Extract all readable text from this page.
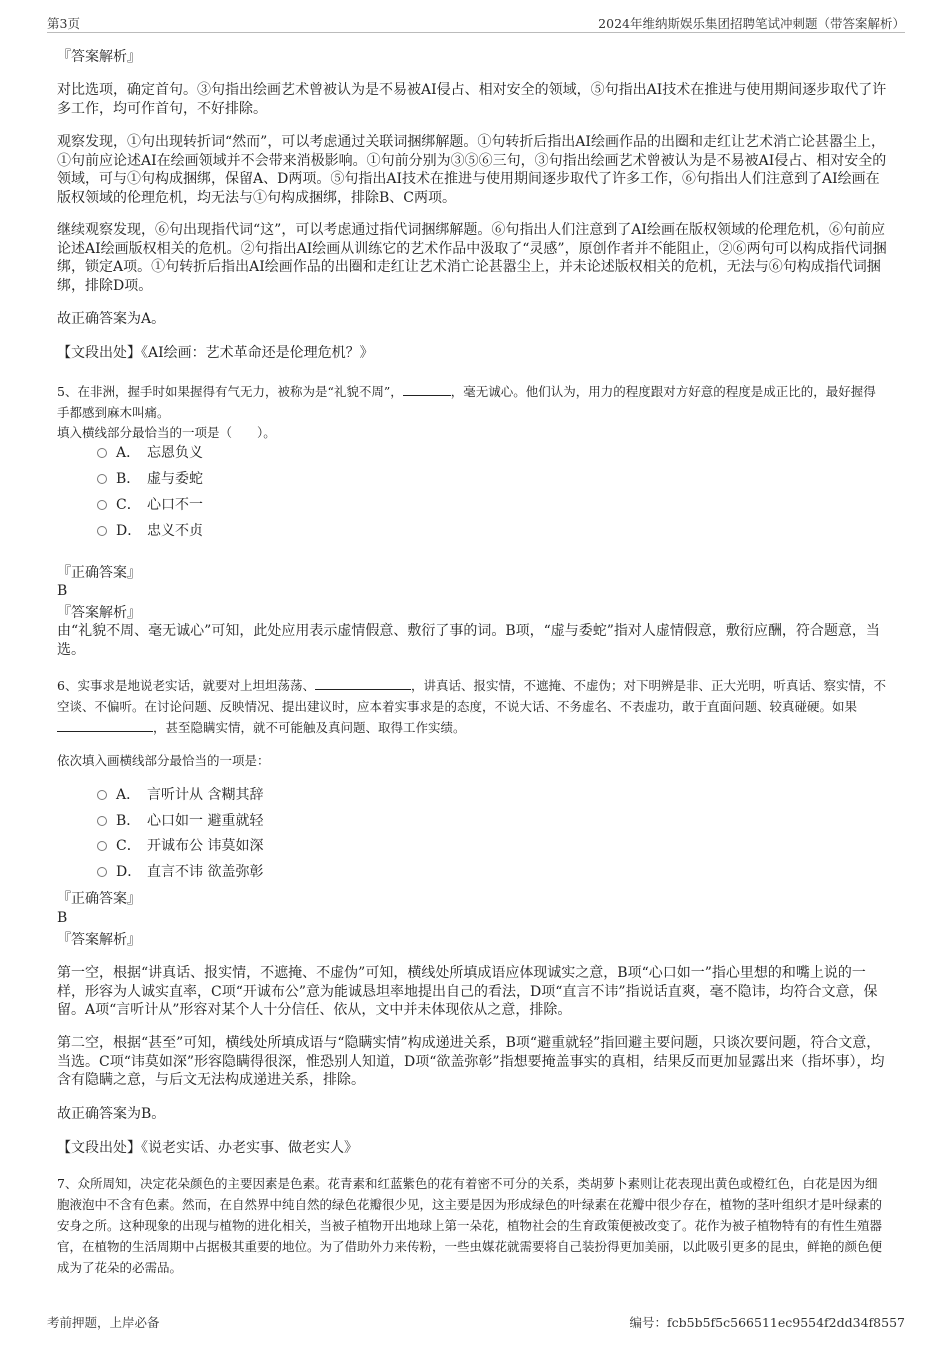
第3页	2024年维纳斯娱乐集团招聘笔试冲刺题（带答案解析）
『答案解析』

对比选项，确定首句。③句指出绘画艺术曾被认为是不易被AI侵占、相对安全的领域，⑤句指出AI技术在推进与使用期间逐步取代了许多工作，均可作首句，不好排除。

观察发现，①句出现转折词“然而”，可以考虑通过关联词捆绑解题。①句转折后指出AI绘画作品的出圈和走红让艺术消亡论甚嚣尘上，①句前应论述AI在绘画领域并不会带来消极影响。①句前分别为③⑤⑥三句，③句指出绘画艺术曾被认为是不易被AI侵占、相对安全的领域，可与①句构成捆绑，保留A、D两项。⑤句指出AI技术在推进与使用期间逐步取代了许多工作，⑥句指出人们注意到了AI绘画在版权领域的伦理危机，均无法与①句构成捆绑，排除B、C两项。

继续观察发现，⑥句出现指代词“这”，可以考虑通过指代词捆绑解题。⑥句指出人们注意到了AI绘画在版权领域的伦理危机，⑥句前应论述AI绘画版权相关的危机。②句指出AI绘画从训练它的艺术作品中汲取了“灵感”，原创作者并不能阻止，②⑥两句可以构成指代词捆绑，锁定A项。①句转折后指出AI绘画作品的出圈和走红让艺术消亡论甚嚣尘上，并未论述版权相关的危机，无法与⑥句构成指代词捆绑，排除D项。

故正确答案为A。

【文段出处】《AI绘画：艺术革命还是伦理危机？》

5、在非洲，握手时如果握得有气无力，被称为是“礼貌不周”，	，毫无诚心。他们认为，用力的程度跟对方好意的程度是成正比的，最好握得手都感到麻木叫痛。

填入横线部分最恰当的一项是（　　）。

A． 忘恩负义
B． 虚与委蛇
C． 心口不一
D． 忠义不贞
『正确答案』
B
『答案解析』

由“礼貌不周、毫无诚心”可知，此处应用表示虚情假意、敷衍了事的词。B项，“虚与委蛇”指对人虚情假意，敷衍应酬，符合题意，当选。

6、实事求是地说老实话，就要对上坦坦荡荡、	，讲真话、报实情，不遮掩、不虚伪；对下明辨是非、正大光明，听真话、察实情，不空谈、不偏听。在讨论问题、反映情况、提出建议时，应本着实事求是的态度，不说大话、不务虚名、不表虚功，敢于直面问题、较真碰硬。如果，甚至隐瞒实情，就不可能触及真问题、取得工作实绩。

依次填入画横线部分最恰当的一项是：

A． 言听计从 含糊其辞
B． 心口如一 避重就轻
C． 开诚布公 讳莫如深
D． 直言不讳 欲盖弥彰
『正确答案』
B
『答案解析』

第一空，根据“讲真话、报实情，不遮掩、不虚伪”可知，横线处所填成语应体现诚实之意，B项“心口如一”指心里想的和嘴上说的一样，形容为人诚实直率，C项“开诚布公”意为能诚恳坦率地提出自己的看法，D项“直言不讳”指说话直爽，毫不隐讳，均符合文意，保留。A项“言听计从”形容对某个人十分信任、依从，文中并未体现依从之意，排除。

第二空，根据“甚至”可知，横线处所填成语与“隐瞒实情”构成递进关系，B项“避重就轻”指回避主要问题，只谈次要问题，符合文意，当选。C项“讳莫如深”形容隐瞒得很深，惟恐别人知道，D项“欲盖弥彰”指想要掩盖事实的真相，结果反而更加显露出来（指坏事），均含有隐瞒之意，与后文无法构成递进关系，排除。

故正确答案为B。

【文段出处】《说老实话、办老实事、做老实人》

7、众所周知，决定花朵颜色的主要因素是色素。花青素和红蓝紫色的花有着密不可分的关系，类胡萝卜素则让花表现出黄色或橙红色，白花是因为细胞液泡中不含有色素。然而，在自然界中纯自然的绿色花瓣很少见，这主要是因为形成绿色的叶绿素在花瓣中很少存在，植物的茎叶组织才是叶绿素的安身之所。这种现象的出现与植物的进化相关，当被子植物开出地球上第一朵花，植物社会的生育政策便被改变了。花作为被子植物特有的有性生殖器官，在植物的生活周期中占据极其重要的地位。为了借助外力来传粉，一些虫媒花就需要将自己装扮得更加美丽，以此吸引更多的昆虫，鲜艳的颜色便成为了花朵的必需品。

考前押题，上岸必备	编号：fcb5b5f5c566511ec9554f2dd34f8557
